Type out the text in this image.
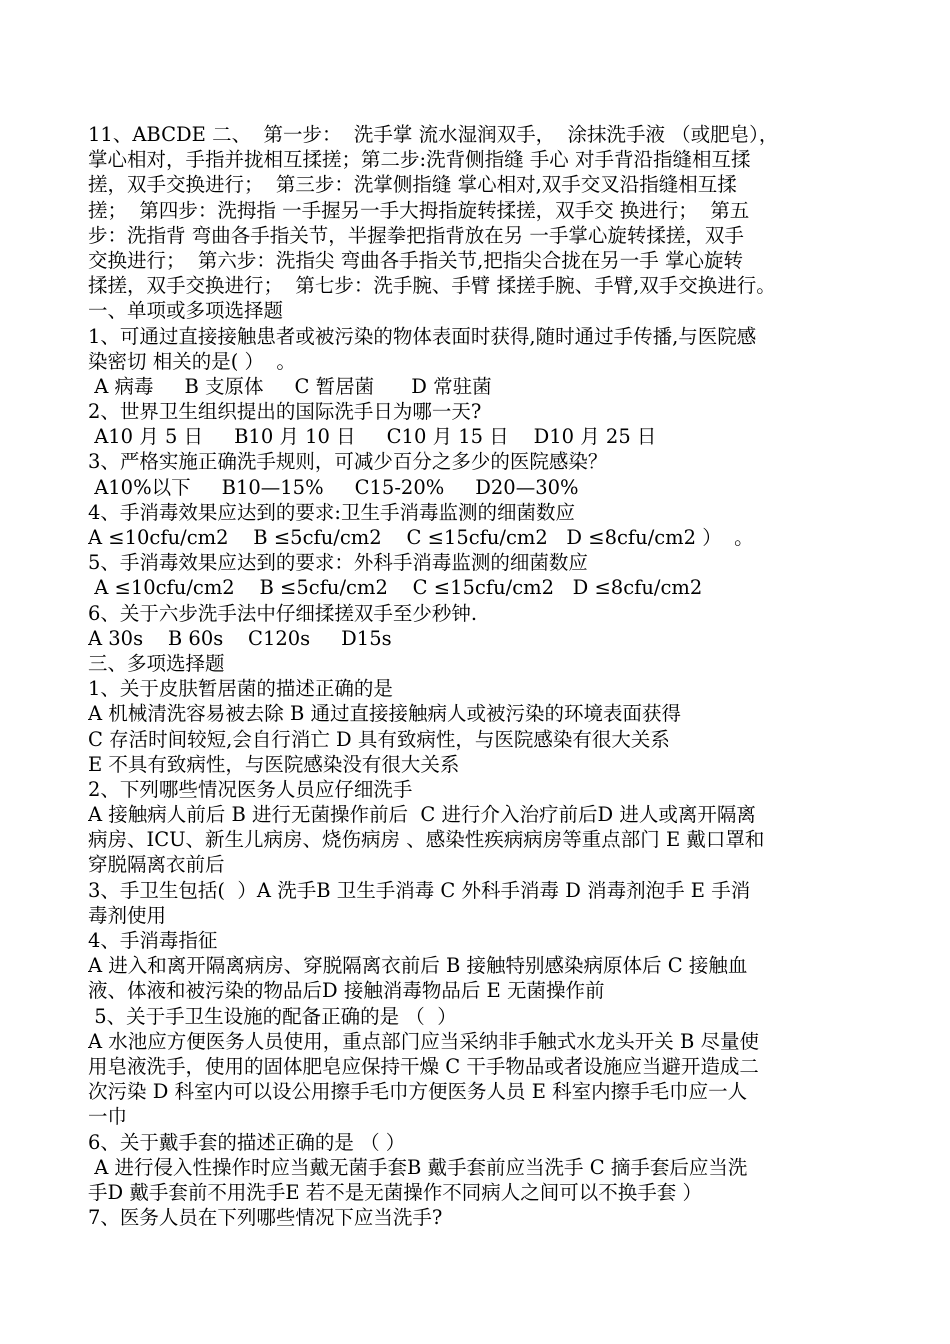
11、ABCDE 二、  第一步：  洗手掌 流水湿润双手，  涂抹洗手液 （或肥皂），
掌心相对，手指并拢相互揉搓；第二步:洗背侧指缝 手心 对手背沿指缝相互揉
搓，双手交换进行；  第三步：洗掌侧指缝 掌心相对,双手交叉沿指缝相互揉
搓；  第四步：洗拇指 一手握另一手大拇指旋转揉搓，双手交 换进行；  第五
步：洗指背 弯曲各手指关节，半握拳把指背放在另 一手掌心旋转揉搓，双手
交换进行；  第六步：洗指尖 弯曲各手指关节,把指尖合拢在另一手 掌心旋转
揉搓，双手交换进行；  第七步：洗手腕、手臂 揉搓手腕、手臂,双手交换进行。
一、单项或多项选择题
1、可通过直接接触患者或被污染的物体表面时获得,随时通过手传播,与医院感
染密切 相关的是( ）  。
A 病毒     B 支原体     C 暂居菌      D 常驻菌
2、世界卫生组织提出的国际洗手日为哪一天?
A10 月 5 日     B10 月 10 日     C10 月 15 日    D10 月 25 日
3、严格实施正确洗手规则，可减少百分之多少的医院感染？
A10%以下     B10—15%     C15-20%     D20—30%
4、手消毒效果应达到的要求:卫生手消毒监测的细菌数应
A ≤10cfu/cm2    B ≤5cfu/cm2    C ≤15cfu/cm2   D ≤8cfu/cm2 ）  。
5、手消毒效果应达到的要求：外科手消毒监测的细菌数应
A ≤10cfu/cm2    B ≤5cfu/cm2    C ≤15cfu/cm2   D ≤8cfu/cm2
6、关于六步洗手法中仔细揉搓双手至少秒钟.
A 30s    B 60s    C120s     D15s
三、多项选择题
1、关于皮肤暂居菌的描述正确的是
A 机械清洗容易被去除 B 通过直接接触病人或被污染的环境表面获得
C 存活时间较短,会自行消亡 D 具有致病性，与医院感染有很大关系
E 不具有致病性，与医院感染没有很大关系
2、下列哪些情况医务人员应仔细洗手
A 接触病人前后 B 进行无菌操作前后  C 进行介入治疗前后D 进人或离开隔离
病房、ICU、新生儿病房、烧伤病房 、感染性疾病病房等重点部门 E 戴口罩和
穿脱隔离衣前后
3、手卫生包括(  ）A 洗手B 卫生手消毒 C 外科手消毒 D 消毒剂泡手 E 手消
毒剂使用
4、手消毒指征
A 进入和离开隔离病房、穿脱隔离衣前后 B 接触特别感染病原体后 C 接触血
液、体液和被污染的物品后D 接触消毒物品后 E 无菌操作前
5、关于手卫生设施的配备正确的是 （  ）
A 水池应方便医务人员使用，重点部门应当采纳非手触式水龙头开关 B 尽量使
用皂液洗手，使用的固体肥皂应保持干燥 C 干手物品或者设施应当避开造成二
次污染 D 科室内可以设公用擦手毛巾方便医务人员 E 科室内擦手毛巾应一人
一巾
6、关于戴手套的描述正确的是 （ ）
A 进行侵入性操作时应当戴无菌手套B 戴手套前应当洗手 C 摘手套后应当洗
手D 戴手套前不用洗手E 若不是无菌操作不同病人之间可以不换手套 ）
7、医务人员在下列哪些情况下应当洗手?
